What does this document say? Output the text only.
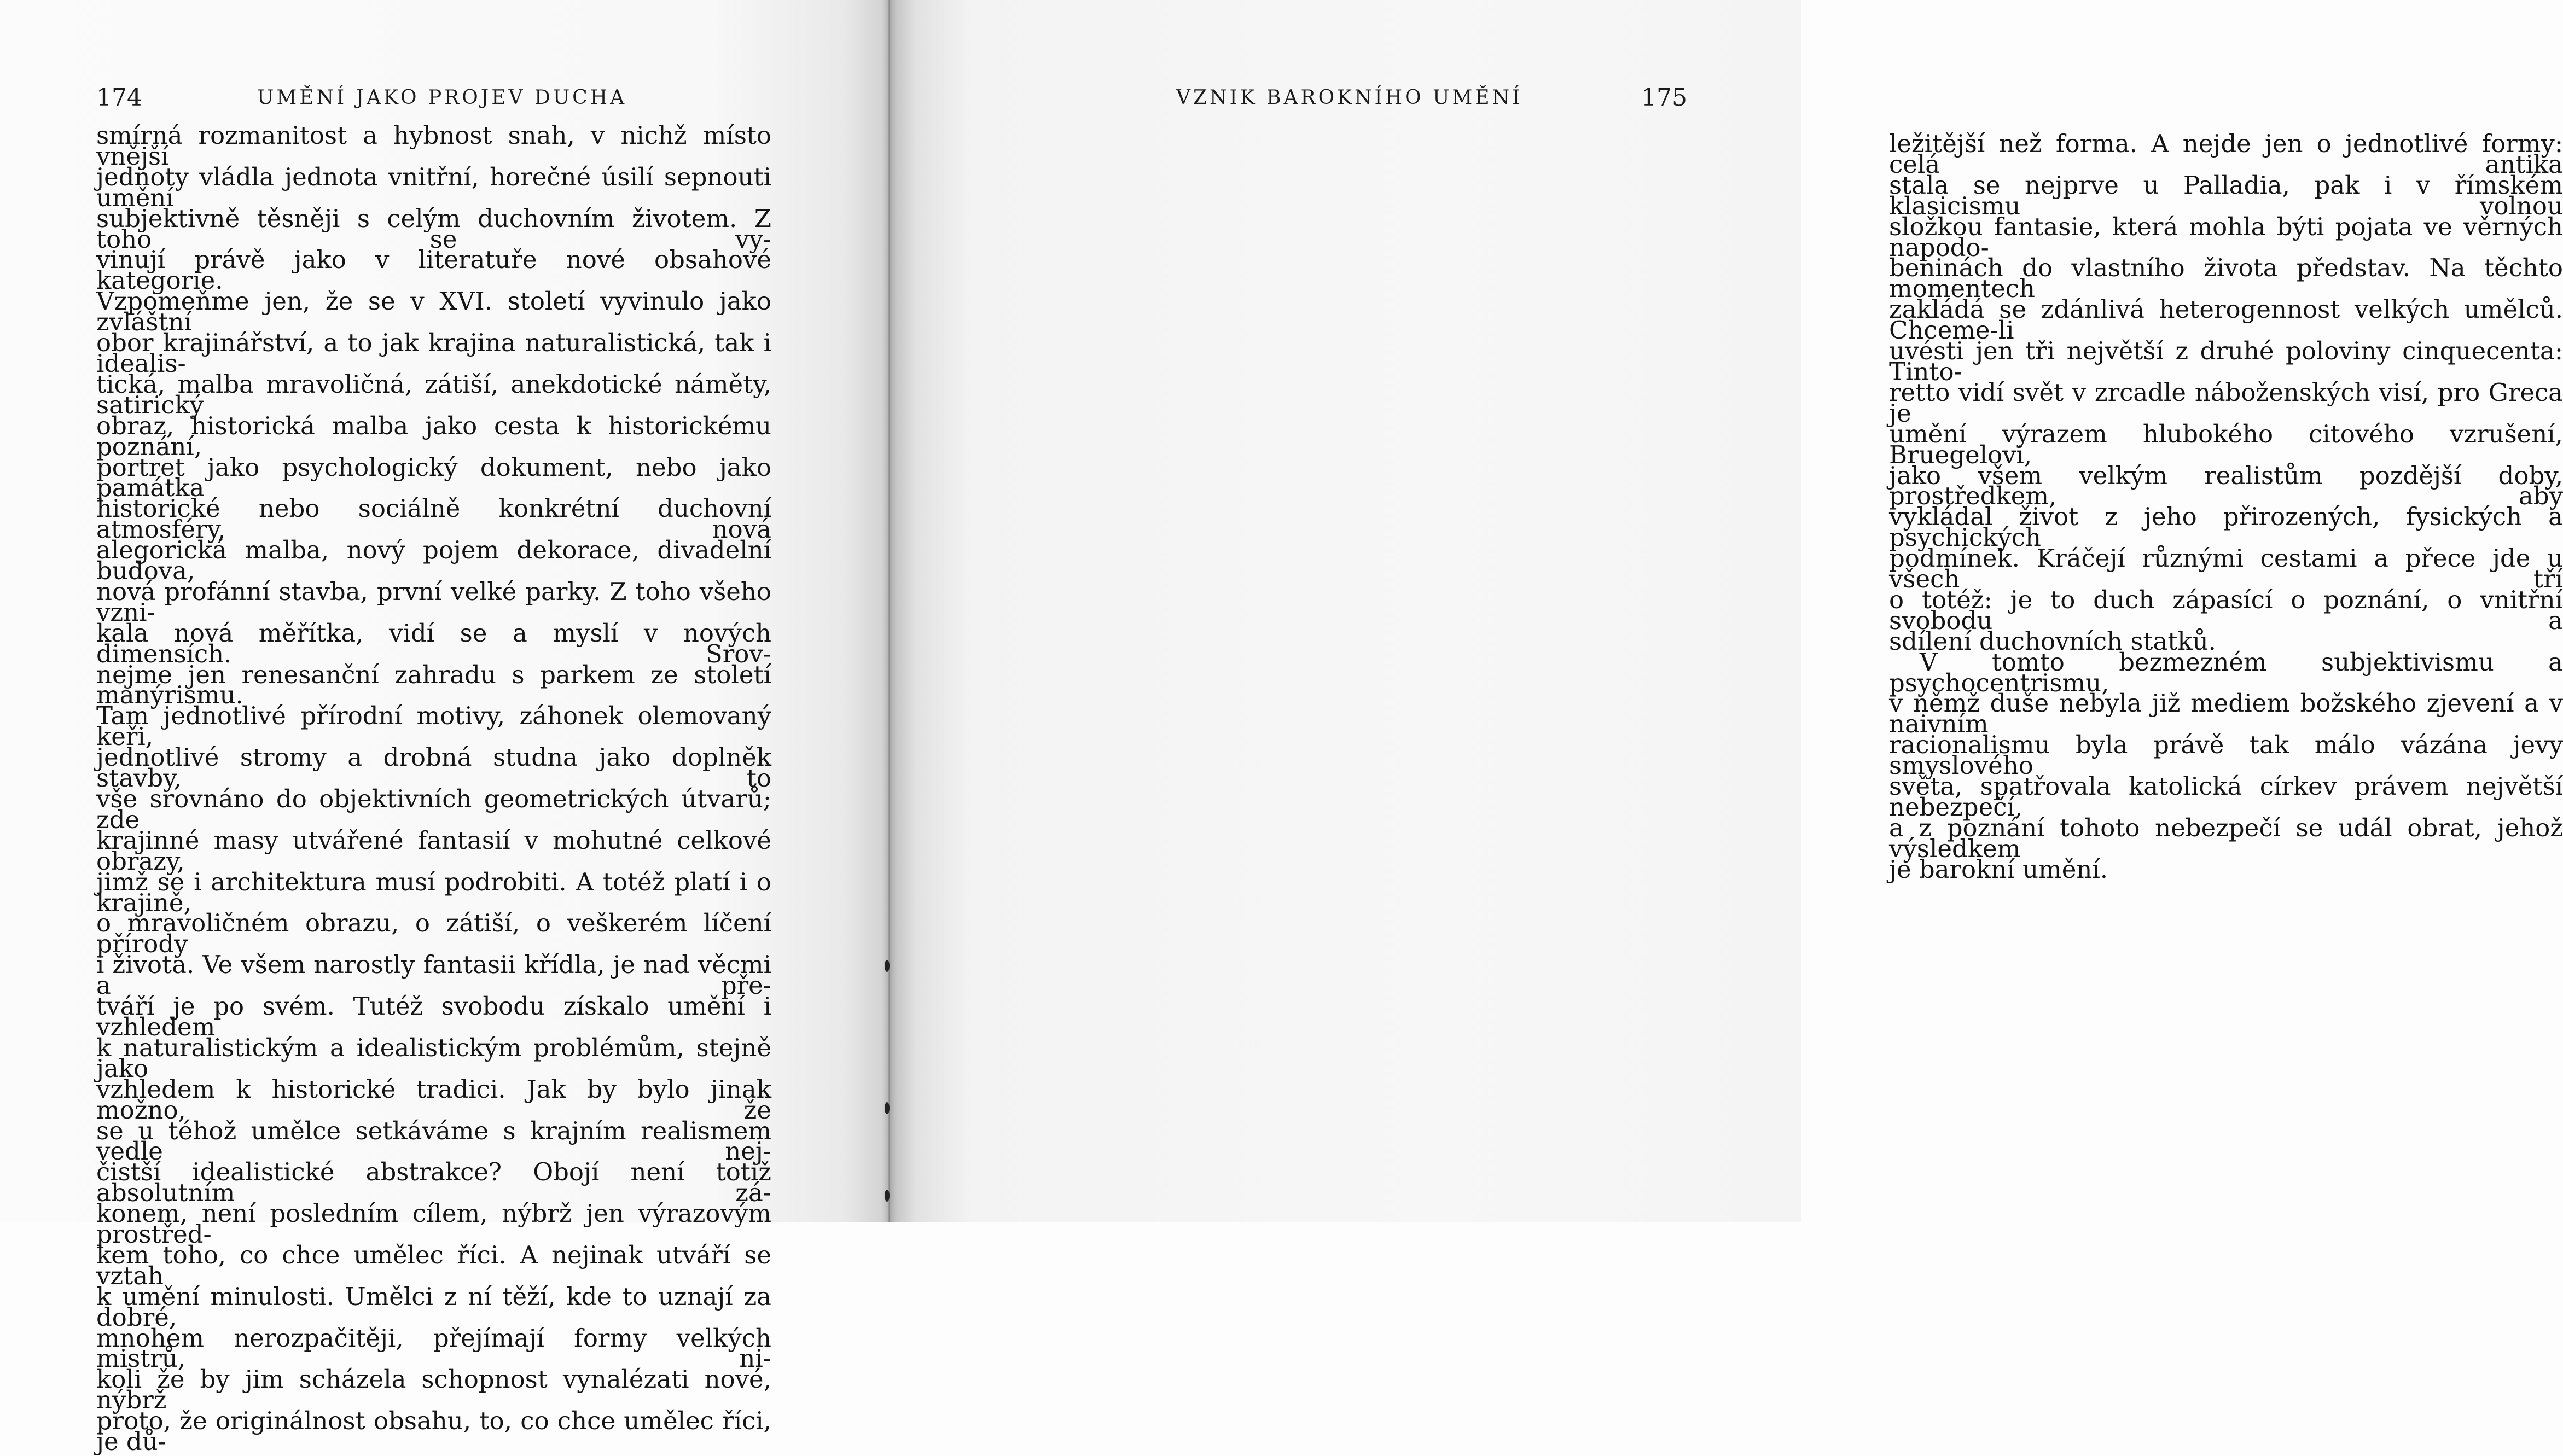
174	UMĚNÍ JAKO PROJEV DUCHA

smírná rozmanitost a hybnost snah, v nichž místo vnější
jednoty vládla jednota vnitřní, horečné úsilí sepnouti umění
subjektivně těsněji s celým duchovním životem. Z toho se vy-
vinují právě jako v literatuře nové obsahové kategorie.
Vzpomeňme jen, že se v XVI. století vyvinulo jako zvláštní
obor krajinářství, a to jak krajina naturalistická, tak i idealis-
tická, malba mravoličná, zátiší, anekdotické náměty, satirický
obraz, historická malba jako cesta k historickému poznání,
portret jako psychologický dokument, nebo jako památka
historické nebo sociálně konkrétní duchovní atmosféry, nová
alegorická malba, nový pojem dekorace, divadelní budova,
nová profánní stavba, první velké parky. Z toho všeho vzni-
kala nová měřítka, vidí se a myslí v nových dimensích. Srov-
nejme jen renesanční zahradu s parkem ze století manýrismu.
Tam jednotlivé přírodní motivy, záhonek olemovaný keři,
jednotlivé stromy a drobná studna jako doplněk stavby, to
vše srovnáno do objektivních geometrických útvarů; zde
krajinné masy utvářené fantasií v mohutné celkové obrazy,
jimž se i architektura musí podrobiti. A totéž platí i o krajině,
o mravoličném obrazu, o zátiší, o veškerém líčení přírody
i života. Ve všem narostly fantasii křídla, je nad věcmi a pře-
tváří je po svém. Tutéž svobodu získalo umění i vzhledem
k naturalistickým a idealistickým problémům, stejně jako
vzhledem k historické tradici. Jak by bylo jinak možno, že
se u téhož umělce setkáváme s krajním realismem vedle nej-
čistší idealistické abstrakce? Obojí není totiž absolutním zá-
konem, není posledním cílem, nýbrž jen výrazovým prostřed-
kem toho, co chce umělec říci. A nejinak utváří se vztah
k umění minulosti. Umělci z ní těží, kde to uznají za dobré,
mnohem nerozpačitěji, přejímají formy velkých mistrů, ni-
koli že by jim scházela schopnost vynalézati nové, nýbrž
proto, že originálnost obsahu, to, co chce umělec říci, je dů-

VZNIK BAROKNÍHO UMĚNÍ	175

ležitější než forma. A nejde jen o jednotlivé formy: celá antika
stala se nejprve u Palladia, pak i v římském klasicismu volnou
složkou fantasie, která mohla býti pojata ve věrných napodo-
beninách do vlastního života představ. Na těchto momentech
zakládá se zdánlivá heterogennost velkých umělců. Chceme-li
uvésti jen tři největší z druhé poloviny cinquecenta: Tinto-
retto vidí svět v zrcadle náboženských visí, pro Greca je
umění výrazem hlubokého citového vzrušení, Bruegelovi,
jako všem velkým realistům pozdější doby, prostředkem, aby
vykládal život z jeho přirozených, fysických a psychických
podmínek. Kráčejí různými cestami a přece jde u všech tří
o totéž: je to duch zápasící o poznání, o vnitřní svobodu a
sdílení duchovních statků.

V tomto bezmezném subjektivismu a psychocentrismu,
v němž duše nebyla již mediem božského zjevení a v naivním
racionalismu byla právě tak málo vázána jevy smyslového
světa, spatřovala katolická církev právem největší nebezpečí,
a z poznání tohoto nebezpečí se udál obrat, jehož výsledkem
je barokní umění.
